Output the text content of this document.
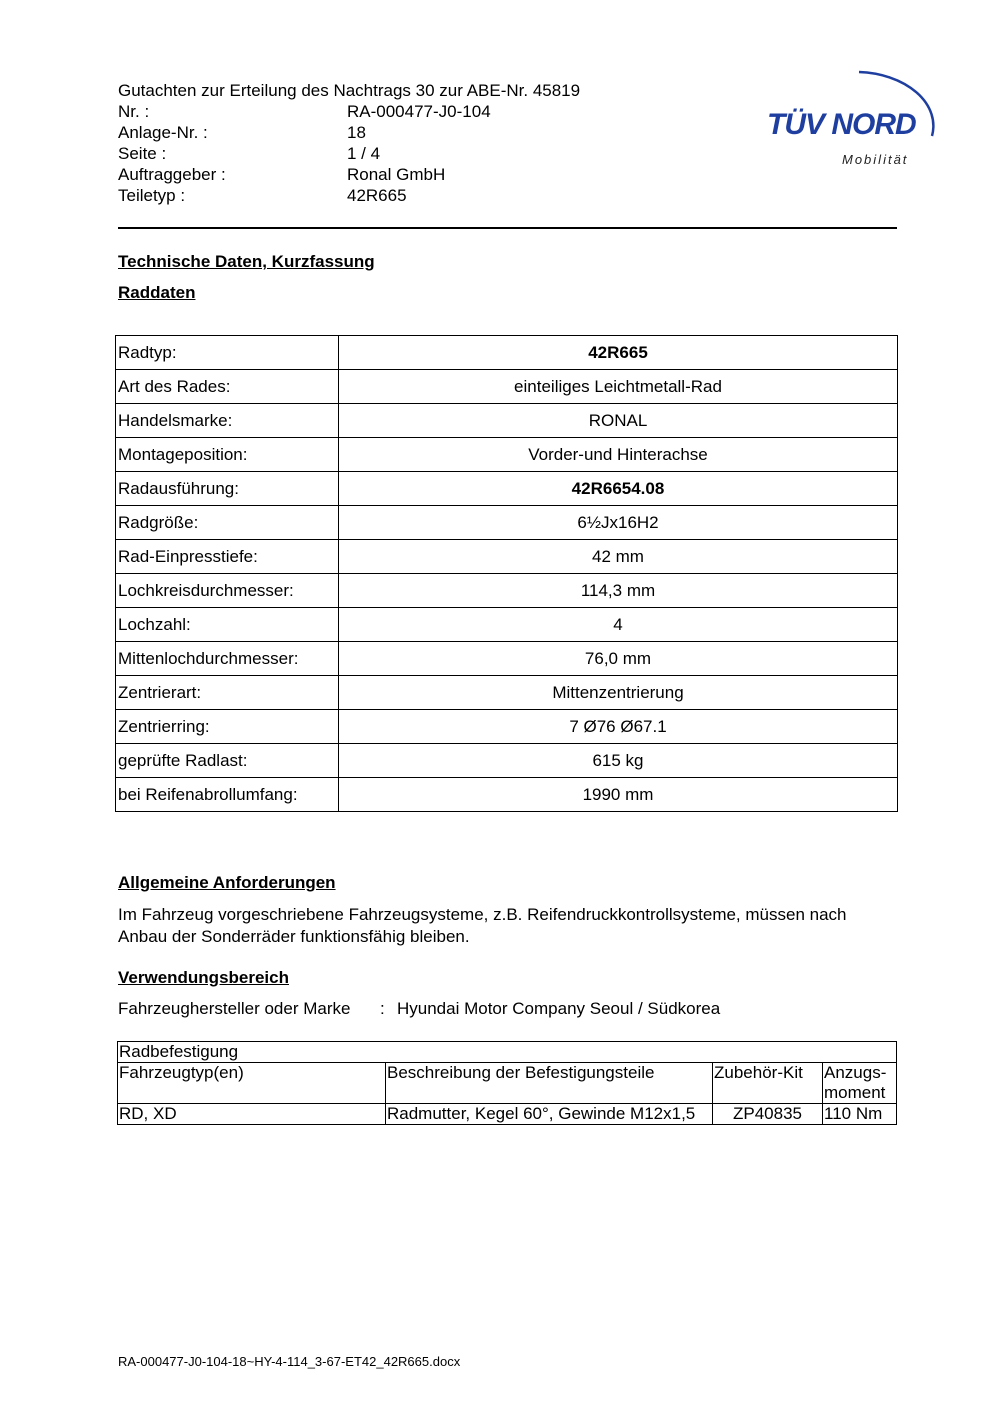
Gutachten zur Erteilung des Nachtrags 30 zur ABE-Nr. 45819
Nr. :	RA-000477-J0-104
Anlage-Nr. :	18
Seite :	1 / 4
Auftraggeber :	Ronal GmbH
Teiletyp :	42R665
TÜV NORD
Mobilität
Technische Daten, Kurzfassung
Raddaten
Radtyp:	42R665
Art des Rades:	einteiliges Leichtmetall-Rad
Handelsmarke:	RONAL
Montageposition:	Vorder-und Hinterachse
Radausführung:	42R6654.08
Radgröße:	6½Jx16H2
Rad-Einpresstiefe:	42 mm
Lochkreisdurchmesser:	114,3 mm
Lochzahl:	4
Mittenlochdurchmesser:	76,0 mm
Zentrierart:	Mittenzentrierung
Zentrierring:	7 Ø76 Ø67.1
geprüfte Radlast:	615 kg
bei Reifenabrollumfang:	1990 mm
Allgemeine Anforderungen
Im Fahrzeug vorgeschriebene Fahrzeugsysteme, z.B. Reifendruckkontrollsysteme, müssen nach Anbau der Sonderräder funktionsfähig bleiben.
Verwendungsbereich
Fahrzeughersteller oder Marke : Hyundai Motor Company Seoul / Südkorea
Radbefestigung			
Fahrzeugtyp(en)	Beschreibung der Befestigungsteile	Zubehör-Kit	Anzugs-moment
RD, XD	Radmutter, Kegel 60°, Gewinde M12x1,5	ZP40835	110 Nm
RA-000477-J0-104-18~HY-4-114_3-67-ET42_42R665.docx
